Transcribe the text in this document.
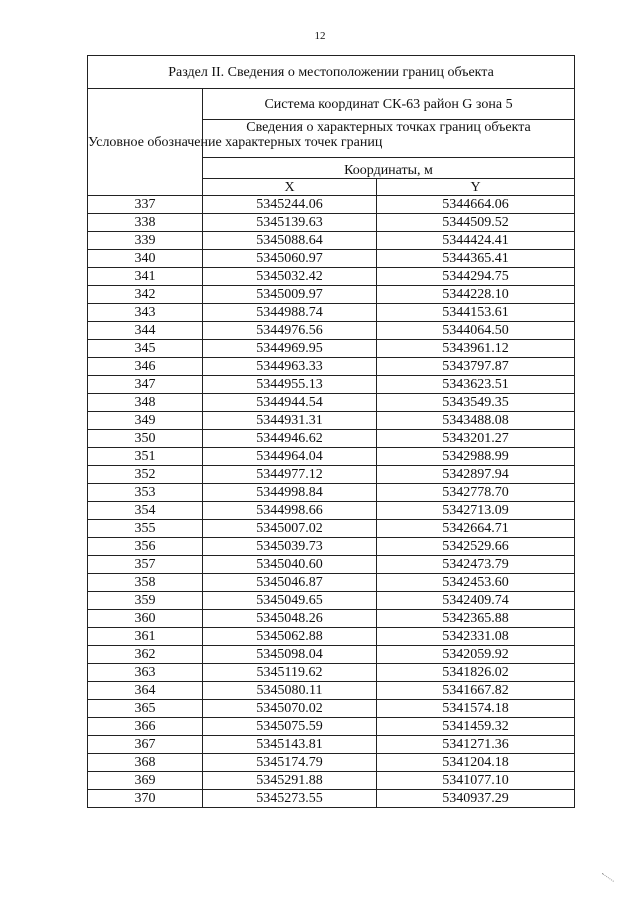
12
Раздел II. Сведения о местоположении границ объекта		
Условное обозначение характерных точек границ	Система координат СК-63 район G зона 5	
	Сведения о характерных точках границ объекта	
	Координаты, м	
	X	Y
337	5345244.06	5344664.06
338	5345139.63	5344509.52
339	5345088.64	5344424.41
340	5345060.97	5344365.41
341	5345032.42	5344294.75
342	5345009.97	5344228.10
343	5344988.74	5344153.61
344	5344976.56	5344064.50
345	5344969.95	5343961.12
346	5344963.33	5343797.87
347	5344955.13	5343623.51
348	5344944.54	5343549.35
349	5344931.31	5343488.08
350	5344946.62	5343201.27
351	5344964.04	5342988.99
352	5344977.12	5342897.94
353	5344998.84	5342778.70
354	5344998.66	5342713.09
355	5345007.02	5342664.71
356	5345039.73	5342529.66
357	5345040.60	5342473.79
358	5345046.87	5342453.60
359	5345049.65	5342409.74
360	5345048.26	5342365.88
361	5345062.88	5342331.08
362	5345098.04	5342059.92
363	5345119.62	5341826.02
364	5345080.11	5341667.82
365	5345070.02	5341574.18
366	5345075.59	5341459.32
367	5345143.81	5341271.36
368	5345174.79	5341204.18
369	5345291.88	5341077.10
370	5345273.55	5340937.29
